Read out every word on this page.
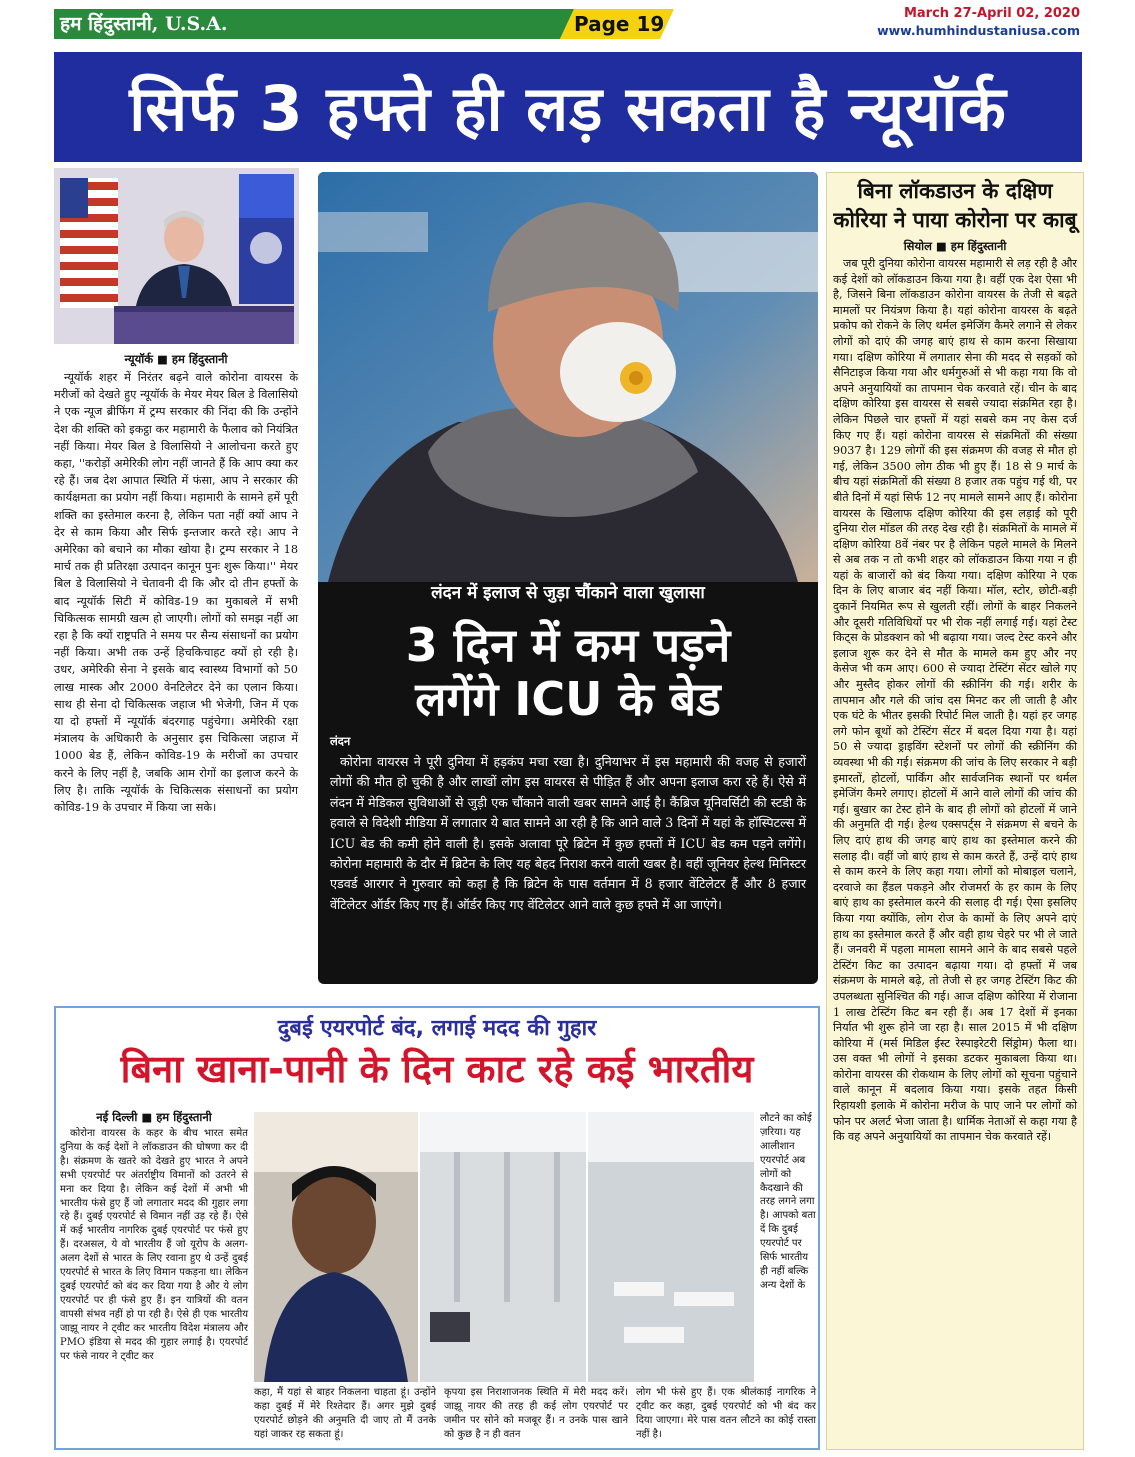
हम हिंदुस्तानी, U.S.A.	Page 19	March 27-April 02, 2020
www.humhindustaniusa.com
सिर्फ 3 हफ्ते ही लड़ सकता है न्यूयॉर्क
न्यूयॉर्क ■ हम हिंदुस्तानी

न्यूयॉर्क शहर में निरंतर बढ़ने वाले कोरोना वायरस के मरीजों को देखते हुए न्यूयॉर्क के मेयर मेयर बिल डे विलासियो ने एक न्यूज ब्रीफिंग में ट्रम्प सरकार की निंदा की कि उन्होंने देश की शक्ति को इकट्ठा कर महामारी के फैलाव को नियंत्रित नहीं किया। मेयर बिल डे विलासियो ने आलोचना करते हुए कहा, ''करोड़ों अमेरिकी लोग नहीं जानते हैं कि आप क्या कर रहे हैं। जब देश आपात स्थिति में फंसा, आप ने सरकार की कार्यक्षमता का प्रयोग नहीं किया। महामारी के सामने हमें पूरी शक्ति का इस्तेमाल करना है, लेकिन पता नहीं क्यों आप ने देर से काम किया और सिर्फ इन्तजार करते रहे। आप ने अमेरिका को बचाने का मौका खोया है। ट्रम्प सरकार ने 18 मार्च तक ही प्रतिरक्षा उत्पादन कानून पुनः शुरू किया।'' मेयर बिल डे विलासियो ने चेतावनी दी कि और दो तीन हफ्तों के बाद न्यूयॉर्क सिटी में कोविड-19 का मुकाबले में सभी चिकित्सक सामग्री खत्म हो जाएगी। लोगों को समझ नहीं आ रहा है कि क्यों राष्ट्रपति ने समय पर सैन्य संसाधनों का प्रयोग नहीं किया। अभी तक उन्हें हिचकिचाहट क्यों हो रही है। उधर, अमेरिकी सेना ने इसके बाद स्वास्थ्य विभागों को 50 लाख मास्क और 2000 वेनटिलेटर देने का एलान किया। साथ ही सेना दो चिकित्सक जहाज भी भेजेगी, जिन में एक या दो हफ्तों में न्यूयॉर्क बंदरगाह पहुंचेगा। अमेरिकी रक्षा मंत्रालय के अधिकारी के अनुसार इस चिकित्सा जहाज में 1000 बेड हैं, लेकिन कोविड-19 के मरीजों का उपचार करने के लिए नहीं है, जबकि आम रोगों का इलाज करने के लिए है। ताकि न्यूयॉर्क के चिकित्सक संसाधनों का प्रयोग कोविड-19 के उपचार में किया जा सके।

लंदन में इलाज से जुड़ा चौंकाने वाला खुलासा
3 दिन में कम पड़ने
लगेंगे ICU के बेड
लंदन

कोरोना वायरस ने पूरी दुनिया में हड़कंप मचा रखा है। दुनियाभर में इस महामारी की वजह से हजारों लोगों की मौत हो चुकी है और लाखों लोग इस वायरस से पीड़ित हैं और अपना इलाज करा रहे हैं। ऐसे में लंदन में मेडिकल सुविधाओं से जुड़ी एक चौंकाने वाली खबर सामने आई है। कैंब्रिज यूनिवर्सिटी की स्टडी के हवाले से विदेशी मीडिया में लगातार ये बात सामने आ रही है कि आने वाले 3 दिनों में यहां के हॉस्पिटल्स में ICU बेड की कमी होने वाली है। इसके अलावा पूरे ब्रिटेन में कुछ हफ्तों में ICU बेड कम पड़ने लगेंगे। कोरोना महामारी के दौर में ब्रिटेन के लिए यह बेहद निराश करने वाली खबर है। वहीं जूनियर हेल्थ मिनिस्टर एडवर्ड आरगर ने गुरुवार को कहा है कि ब्रिटेन के पास वर्तमान में 8 हजार वेंटिलेटर हैं और 8 हजार वेंटिलेटर ऑर्डर किए गए हैं। ऑर्डर किए गए वेंटिलेटर आने वाले कुछ हफ्ते में आ जाएंगे।

बिना लॉकडाउन के दक्षिण कोरिया ने पाया कोरोना पर काबू
सियोल ■ हम हिंदुस्तानी

जब पूरी दुनिया कोरोना वायरस महामारी से लड़ रही है और कई देशों को लॉकडाउन किया गया है। वहीं एक देश ऐसा भी है, जिसने बिना लॉकडाउन कोरोना वायरस के तेजी से बढ़ते मामलों पर नियंत्रण किया है। यहां कोरोना वायरस के बढ़ते प्रकोप को रोकने के लिए थर्मल इमेजिंग कैमरे लगाने से लेकर लोगों को दाएं की जगह बाएं हाथ से काम करना सिखाया गया। दक्षिण कोरिया में लगातार सेना की मदद से सड़कों को सैनिटाइज किया गया और धर्मगुरुओं से भी कहा गया कि वो अपने अनुयायियों का तापमान चेक करवाते रहें। चीन के बाद दक्षिण कोरिया इस वायरस से सबसे ज्यादा संक्रमित रहा है। लेकिन पिछले चार हफ्तों में यहां सबसे कम नए केस दर्ज किए गए हैं। यहां कोरोना वायरस से संक्रमितों की संख्या 9037 है। 129 लोगों की इस संक्रमण की वजह से मौत हो गई, लेकिन 3500 लोग ठीक भी हुए हैं। 18 से 9 मार्च के बीच यहां संक्रमितों की संख्या 8 हजार तक पहुंच गई थी, पर बीते दिनों में यहां सिर्फ 12 नए मामले सामने आए हैं। कोरोना वायरस के खिलाफ दक्षिण कोरिया की इस लड़ाई को पूरी दुनिया रोल मॉडल की तरह देख रही है। संक्रमितों के मामले में दक्षिण कोरिया 8वें नंबर पर है लेकिन पहले मामले के मिलने से अब तक न तो कभी शहर को लॉकडाउन किया गया न ही यहां के बाजारों को बंद किया गया। दक्षिण कोरिया ने एक दिन के लिए बाजार बंद नहीं किया। मॉल, स्टोर, छोटी-बड़ी दुकानें नियमित रूप से खुलती रहीं। लोगों के बाहर निकलने और दूसरी गतिविधियों पर भी रोक नहीं लगाई गई। यहां टेस्ट किट्स के प्रोडक्शन को भी बढ़ाया गया। जल्द टेस्ट करने और इलाज शुरू कर देने से मौत के मामले कम हुए और नए केसेज भी कम आए। 600 से ज्यादा टेस्टिंग सेंटर खोले गए और मुस्तैद होकर लोगों की स्क्रीनिंग की गई। शरीर के तापमान और गले की जांच दस मिनट कर ली जाती है और एक घंटे के भीतर इसकी रिपोर्ट मिल जाती है। यहां हर जगह लगे फोन बूथों को टेस्टिंग सेंटर में बदल दिया गया है। यहां 50 से ज्यादा ड्राइविंग स्टेशनों पर लोगों की स्क्रीनिंग की व्यवस्था भी की गई। संक्रमण की जांच के लिए सरकार ने बड़ी इमारतों, होटलों, पार्किंग और सार्वजनिक स्थानों पर थर्मल इमेजिंग कैमरे लगाए। होटलों में आने वाले लोगों की जांच की गई। बुखार का टेस्ट होने के बाद ही लोगों को होटलों में जाने की अनुमति दी गई। हेल्थ एक्सपर्ट्स ने संक्रमण से बचने के लिए दाएं हाथ की जगह बाएं हाथ का इस्तेमाल करने की सलाह दी। वहीं जो बाएं हाथ से काम करते हैं, उन्हें दाएं हाथ से काम करने के लिए कहा गया। लोगों को मोबाइल चलाने, दरवाजे का हैंडल पकड़ने और रोजमर्रा के हर काम के लिए बाएं हाथ का इस्तेमाल करने की सलाह दी गई। ऐसा इसलिए किया गया क्योंकि, लोग रोज के कामों के लिए अपने दाएं हाथ का इस्तेमाल करते हैं और वही हाथ चेहरे पर भी ले जाते हैं। जनवरी में पहला मामला सामने आने के बाद सबसे पहले टेस्टिंग किट का उत्पादन बढ़ाया गया। दो हफ्तों में जब संक्रमण के मामले बढ़े, तो तेजी से हर जगह टेस्टिंग किट की उपलब्धता सुनिश्चित की गई। आज दक्षिण कोरिया में रोजाना 1 लाख टेस्टिंग किट बन रही हैं। अब 17 देशों में इनका निर्यात भी शुरू होने जा रहा है। साल 2015 में भी दक्षिण कोरिया में (मर्स मिडिल ईस्ट रेस्पाइरेटरी सिंड्रोम) फैला था। उस वक्त भी लोगों ने इसका डटकर मुकाबला किया था। कोरोना वायरस की रोकथाम के लिए लोगों को सूचना पहुंचाने वाले कानून में बदलाव किया गया। इसके तहत किसी रिहायशी इलाके में कोरोना मरीज के पाए जाने पर लोगों को फोन पर अलर्ट भेजा जाता है। धार्मिक नेताओं से कहा गया है कि वह अपने अनुयायियों का तापमान चेक करवाते रहें।

दुबई एयरपोर्ट बंद, लगाई मदद की गुहार
बिना खाना-पानी के दिन काट रहे कई भारतीय
नई दिल्ली ■ हम हिंदुस्तानी

कोरोना वायरस के कहर के बीच भारत समेत दुनिया के कई देशों ने लॉकडाउन की घोषणा कर दी है। संक्रमण के खतरे को देखते हुए भारत ने अपने सभी एयरपोर्ट पर अंतर्राष्ट्रीय विमानों को उतरने से मना कर दिया है। लेकिन कई देशों में अभी भी भारतीय फंसे हुए हैं जो लगातार मदद की गुहार लगा रहे हैं। दुबई एयरपोर्ट से विमान नहीं उड़ रहे हैं। ऐसे में कई भारतीय नागरिक दुबई एयरपोर्ट पर फंसे हुए हैं। दरअसल, ये वो भारतीय हैं जो यूरोप के अलग-अलग देशों से भारत के लिए रवाना हुए थे उन्हें दुबई एयरपोर्ट से भारत के लिए विमान पकड़ना था। लेकिन दुबई एयरपोर्ट को बंद कर दिया गया है और ये लोग एयरपोर्ट पर ही फंसे हुए हैं। इन यात्रियों की वतन वापसी संभव नहीं हो पा रही है। ऐसे ही एक भारतीय जाझू नायर ने ट्वीट कर भारतीय विदेश मंत्रालय और PMO इंडिया से मदद की गुहार लगाई है। एयरपोर्ट पर फंसे नायर ने ट्वीट कर

लौटने का कोई ज़रिया। यह आलीशान एयरपोर्ट अब लोगों को कैदखाने की तरह लगने लगा है। आपको बता दें कि दुबई एयरपोर्ट पर सिर्फ भारतीय ही नहीं बल्कि अन्य देशों के

कहा, मैं यहां से बाहर निकलना चाहता हूं। उन्होंने कहा दुबई में मेरे रिश्तेदार हैं। अगर मुझे दुबई एयरपोर्ट छोड़ने की अनुमति दी जाए तो मैं उनके यहां जाकर रह सकता हूं।

कृपया इस निराशाजनक स्थिति में मेरी मदद करें। जाझू नायर की तरह ही कई लोग एयरपोर्ट पर जमीन पर सोने को मजबूर हैं। न उनके पास खाने को कुछ है न ही वतन

लोग भी फंसे हुए हैं। एक श्रीलंकाई नागरिक ने ट्वीट कर कहा, दुबई एयरपोर्ट को भी बंद कर दिया जाएगा। मेरे पास वतन लौटने का कोई रास्ता नहीं है।
